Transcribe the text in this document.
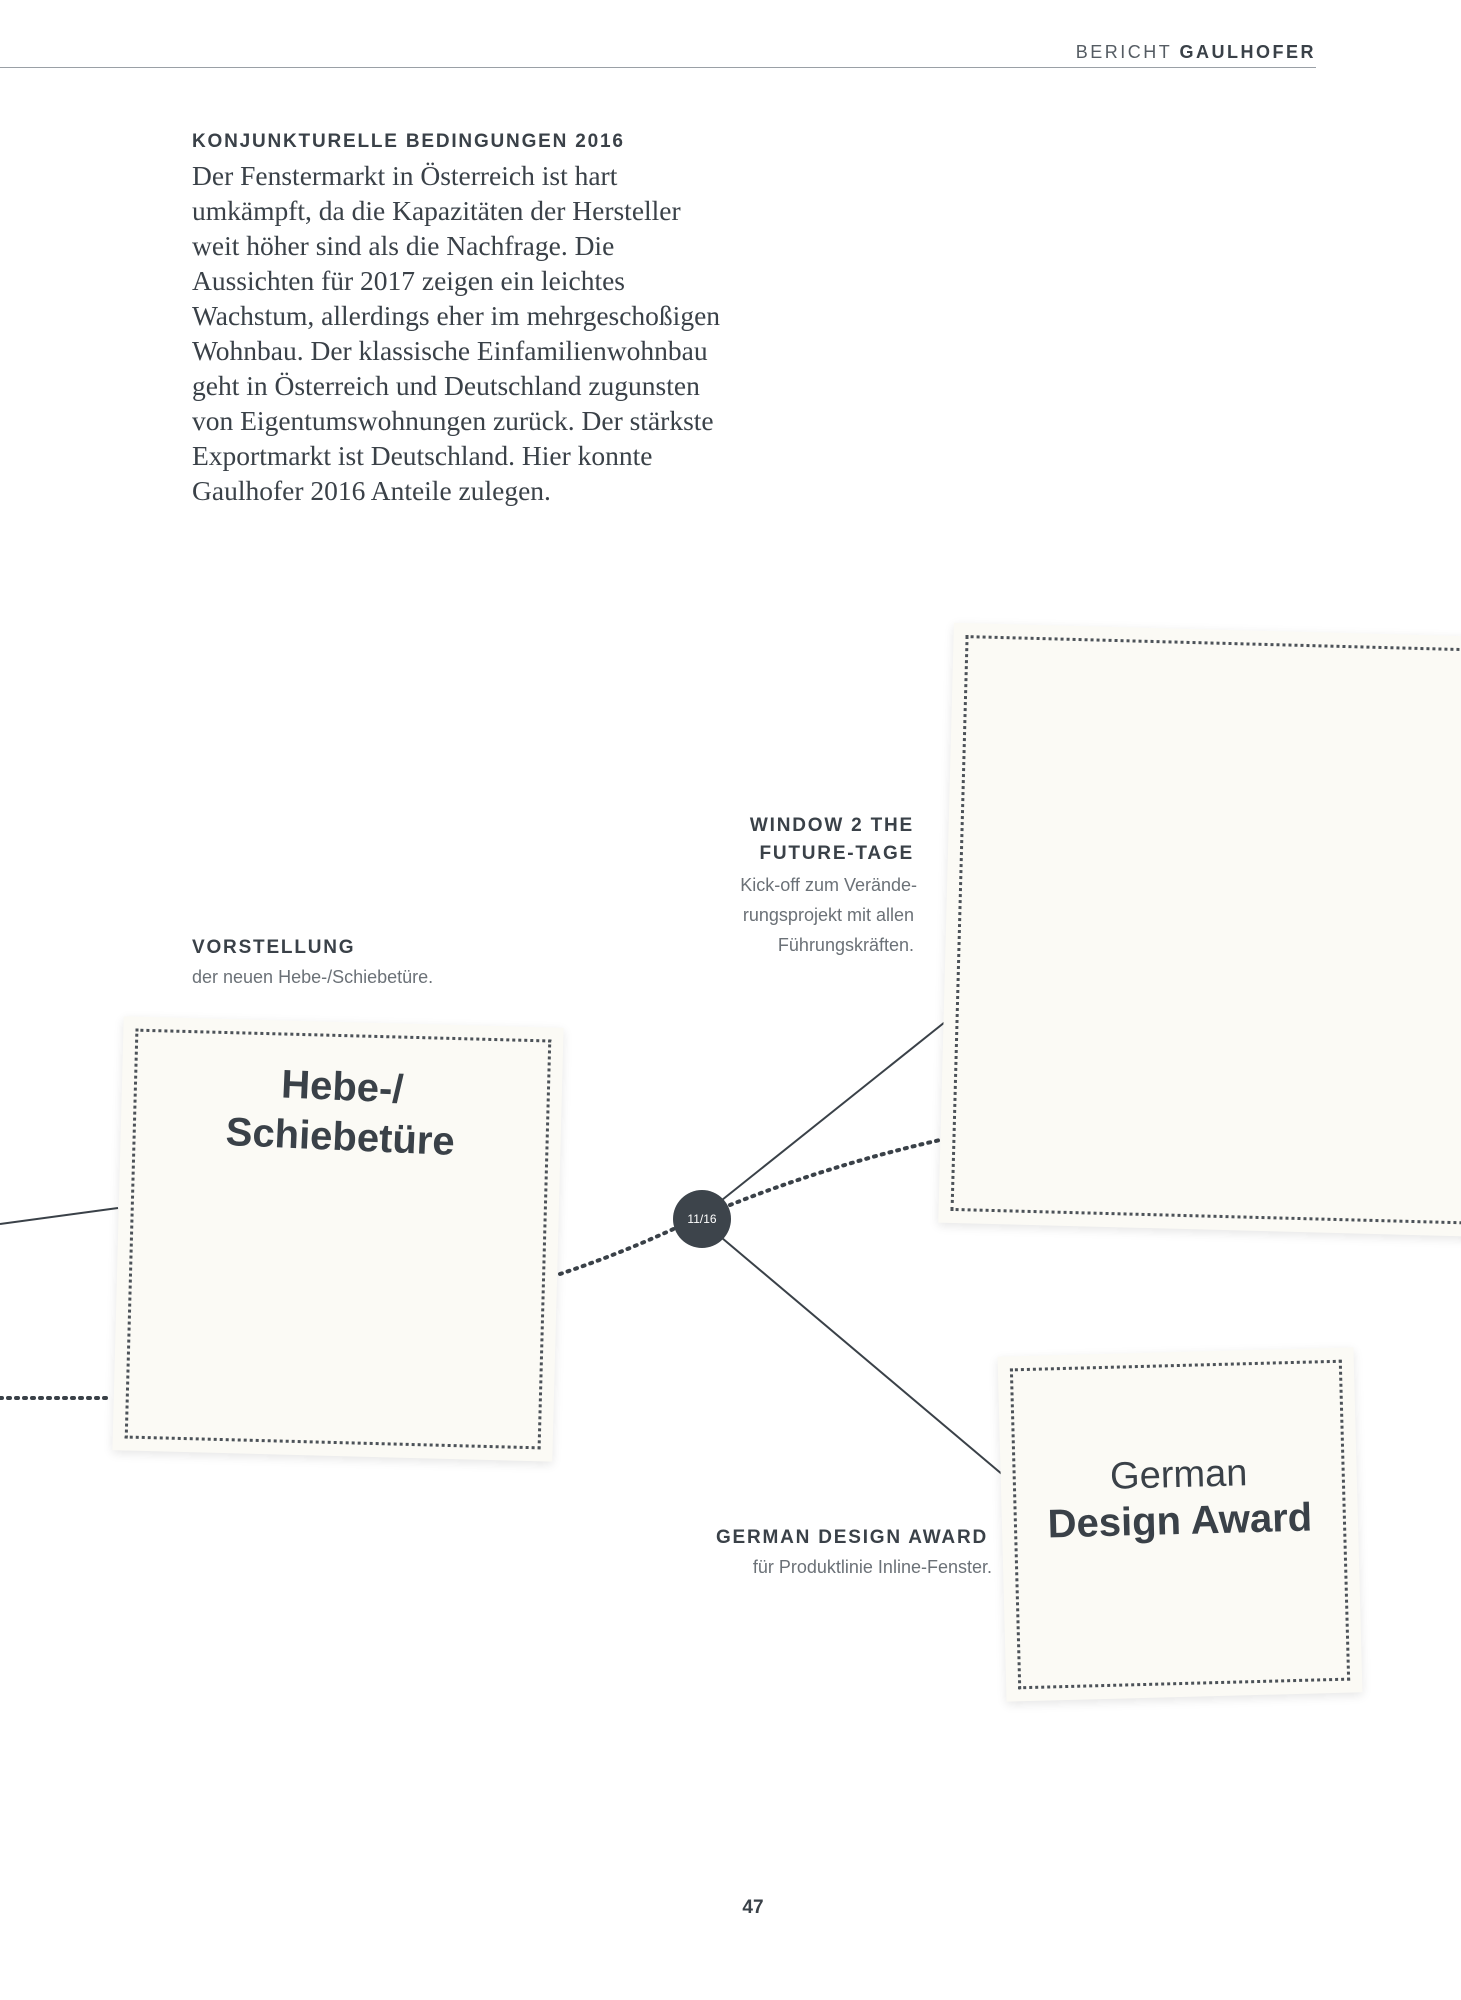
BERICHT GAULHOFER
KONJUNKTURELLE BEDINGUNGEN 2016

Der Fenstermarkt in Österreich ist hart umkämpft, da die Kapazitäten der Hersteller weit höher sind als die Nachfrage. Die Aussichten für 2017 zeigen ein leichtes Wachstum, allerdings eher im mehrgeschoßigen Wohnbau. Der klassische Einfamilienwohnbau geht in Österreich und Deutschland zugunsten von Eigentumswohnungen zurück. Der stärkste Exportmarkt ist Deutschland. Hier konnte Gaulhofer 2016 Anteile zulegen.

Hebe-/
Schiebetüre
German
Design Award
11/16
VORSTELLUNG
der neuen Hebe-/Schiebetüre.
WINDOW 2 THE
FUTURE-TAGE
Kick-off zum Verände-
rungsprojekt mit allen
Führungskräften.
GERMAN DESIGN AWARD
für Produktlinie Inline-Fenster.
47
